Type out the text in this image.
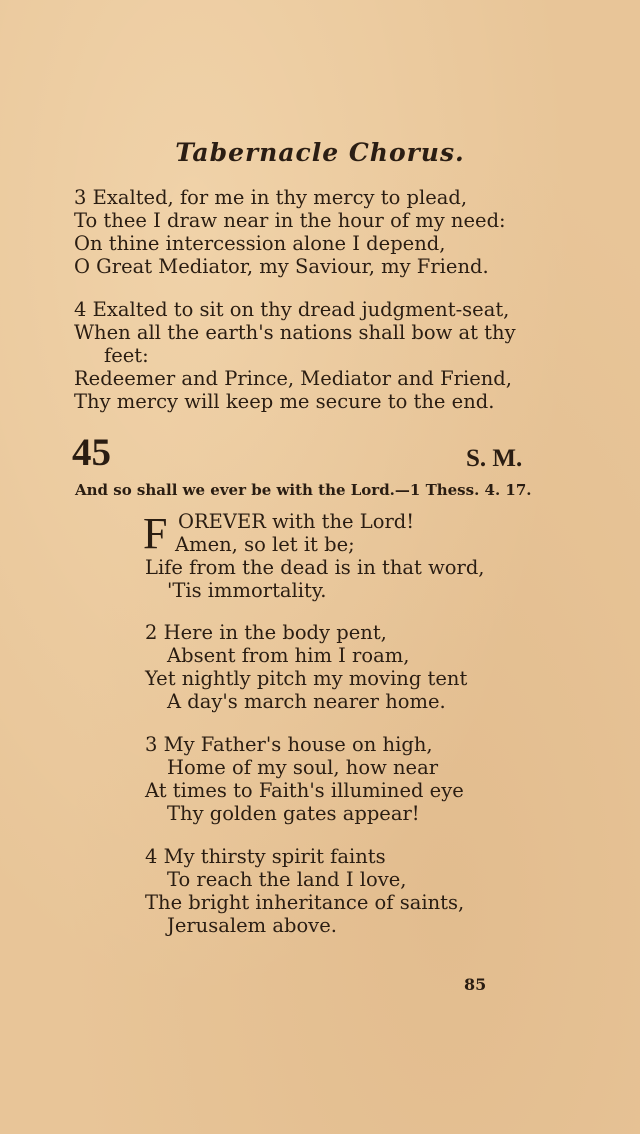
Tabernacle Chorus.
3 Exalted, for me in thy mercy to plead,
To thee I draw near in the hour of my need:
On thine intercession alone I depend,
O Great Mediator, my Saviour, my Friend.
4 Exalted to sit on thy dread judgment-seat,
When all the earth's nations shall bow at thy
feet:
Redeemer and Prince, Mediator and Friend,
Thy mercy will keep me secure to the end.
45	S. M.
And so shall we ever be with the Lord.—1 Thess. 4. 17.
F OREVER with the Lord!
Amen, so let it be;
Life from the dead is in that word,
'Tis immortality.
2 Here in the body pent,
Absent from him I roam,
Yet nightly pitch my moving tent
A day's march nearer home.
3 My Father's house on high,
Home of my soul, how near
At times to Faith's illumined eye
Thy golden gates appear!
4 My thirsty spirit faints
To reach the land I love,
The bright inheritance of saints,
Jerusalem above.
85
